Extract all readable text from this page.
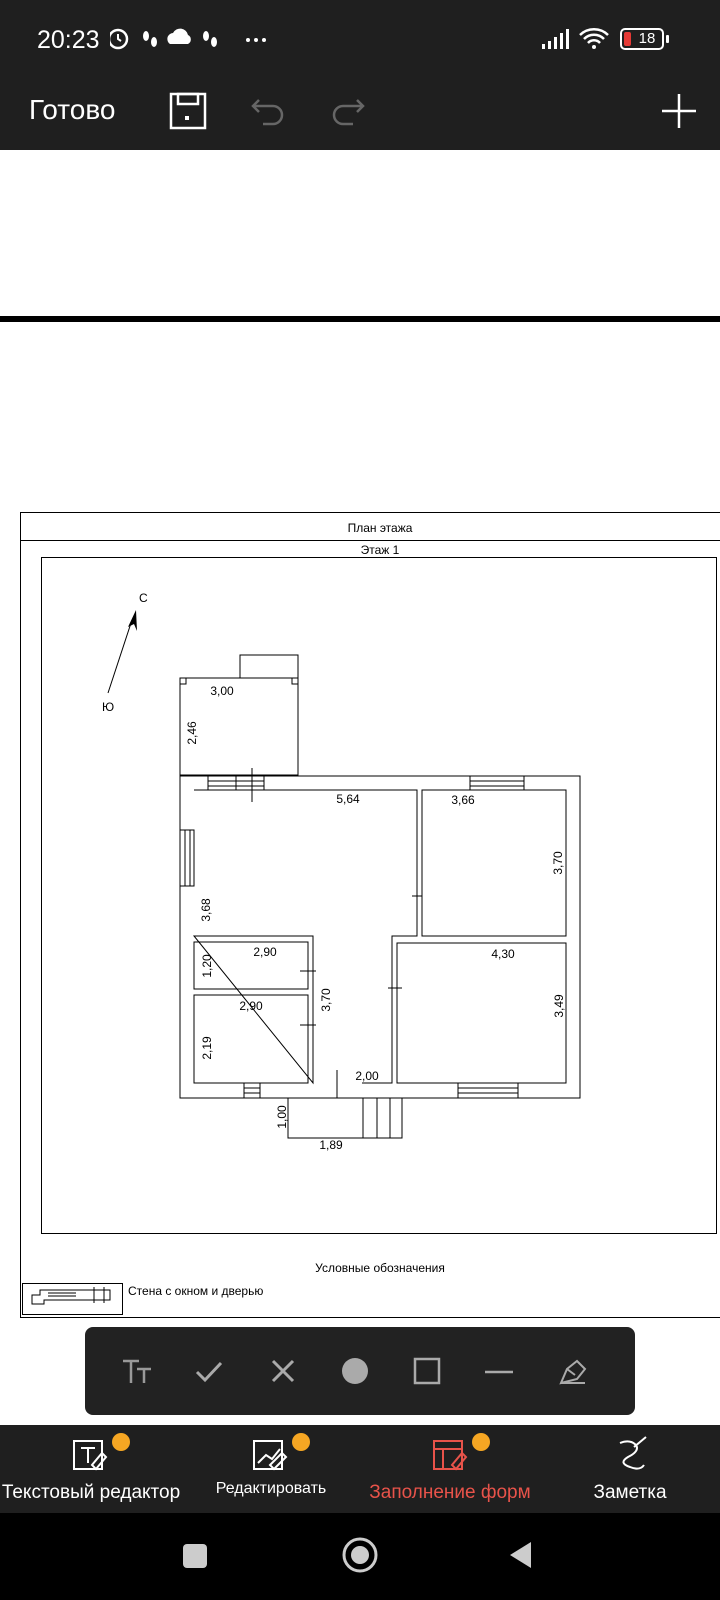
20:23	18
Готово
План этажа
Этаж 1
С
Ю
3,00
2,46
5,64
3,68
3,66
3,70
2,90
1,20
2,90
2,19
3,70
4,30
3,49
2,00
1,00
1,89
Условные обозначения
Стена с окном и дверью
Текстовый редактор	Редактировать	Заполнение форм	Заметка
